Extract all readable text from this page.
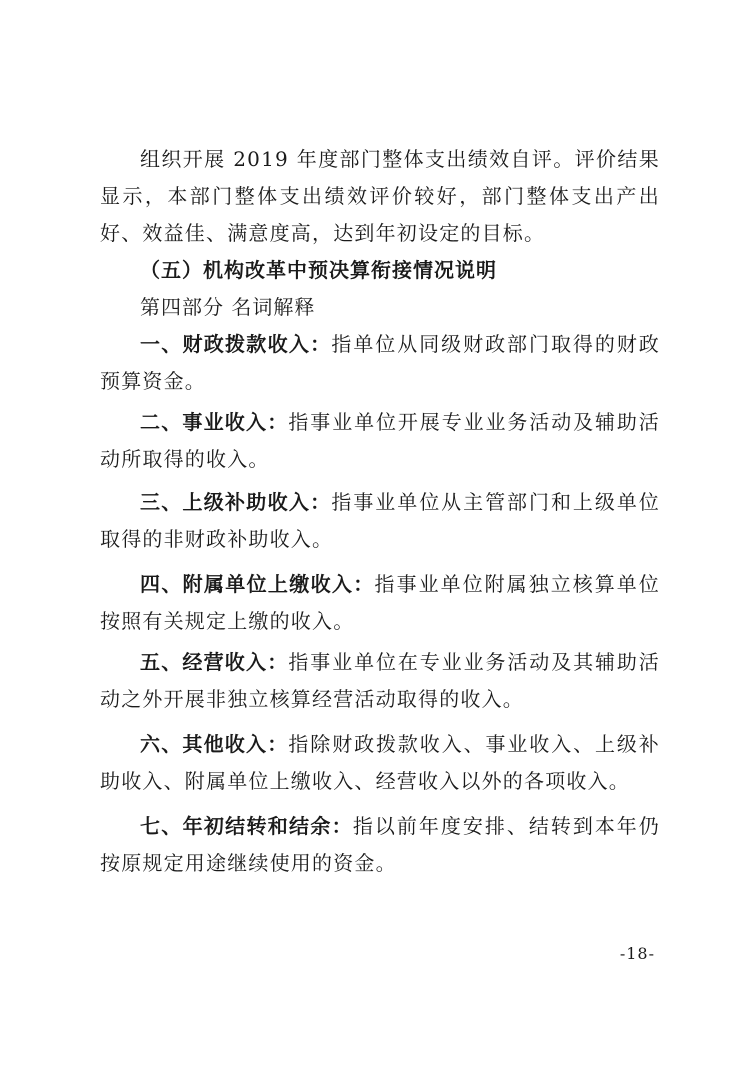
组织开展 2019 年度部门整体支出绩效自评。评价结果显示，本部门整体支出绩效评价较好，部门整体支出产出好、效益佳、满意度高，达到年初设定的目标。

（五）机构改革中预决算衔接情况说明

第四部分 名词解释

一、财政拨款收入：指单位从同级财政部门取得的财政预算资金。

二、事业收入：指事业单位开展专业业务活动及辅助活动所取得的收入。

三、上级补助收入：指事业单位从主管部门和上级单位取得的非财政补助收入。

四、附属单位上缴收入：指事业单位附属独立核算单位按照有关规定上缴的收入。

五、经营收入：指事业单位在专业业务活动及其辅助活动之外开展非独立核算经营活动取得的收入。

六、其他收入：指除财政拨款收入、事业收入、上级补助收入、附属单位上缴收入、经营收入以外的各项收入。

七、年初结转和结余：指以前年度安排、结转到本年仍按原规定用途继续使用的资金。

-18-
